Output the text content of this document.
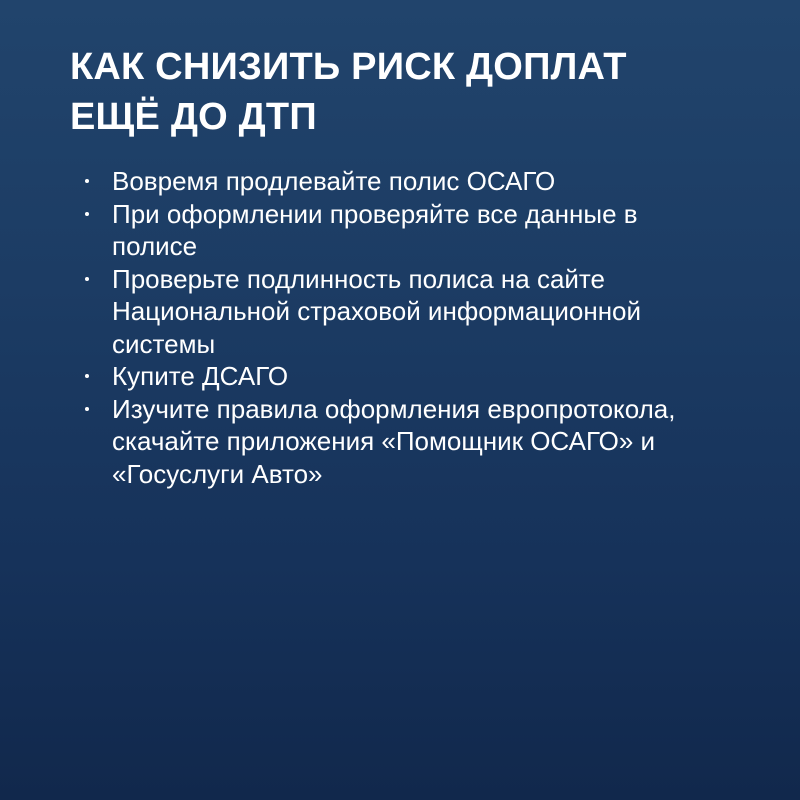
КАК СНИЗИТЬ РИСК ДОПЛАТ
ЕЩЁ ДО ДТП
Вовремя продлевайте полис ОСАГО
При оформлении проверяйте все данные в полисе
Проверьте подлинность полиса на сайте Национальной страховой информационной системы
Купите ДСАГО
Изучите правила оформления европротокола, скачайте приложения «Помощник ОСАГО» и «Госуслуги Авто»
